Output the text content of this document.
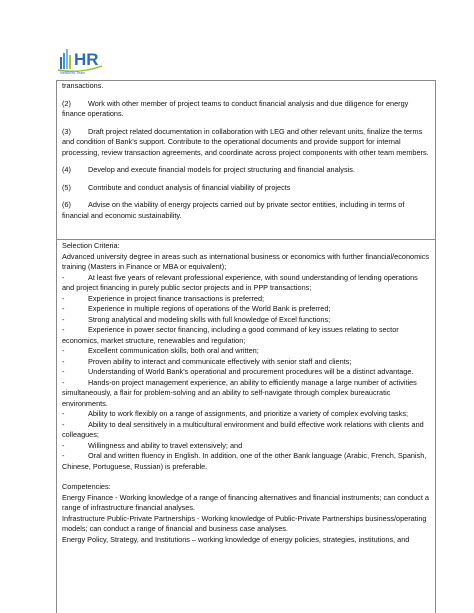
HR
Networks Team

transactions.

(2) Work with other member of project teams to conduct financial analysis and due diligence for energy finance operations.

(3) Draft project related documentation in collaboration with LEG and other relevant units, finalize the terms and condition of Bank’s support. Contribute to the operational documents and provide support for internal processing, review transaction agreements, and coordinate across project components with other team members.

(4) Develop and execute financial models for project structuring and financial analysis.

(5) Contribute and conduct analysis of financial viability of projects

(6) Advise on the viability of energy projects carried out by private sector entities, including in terms of financial and economic sustainability.

Selection Criteria:

Advanced university degree in areas such as international business or economics with further financial/economics training (Masters in Finance or MBA or equivalent);

-	At least five years of relevant professional experience, with sound understanding of lending operations and project financing in purely public sector projects and in PPP transactions;

-	Experience in project finance transactions is preferred;

-	Experience in multiple regions of operations of the World Bank is preferred;

-	Strong analytical and modeling skills with full knowledge of Excel functions;

-	Experience in power sector financing, including a good command of key issues relating to sector economics, market structure, renewables and regulation;

-	Excellent communication skills, both oral and written;

-	Proven ability to interact and communicate effectively with senior staff and clients;

-	Understanding of World Bank’s operational and procurement procedures will be a distinct advantage.

-	Hands-on project management experience, an ability to efficiently manage a large number of activities simultaneously, a flair for problem-solving and an ability to self-navigate through complex bureaucratic environments.

-	Ability to work flexibly on a range of assignments, and prioritize a variety of complex evolving tasks;

-	Ability to deal sensitively in a multicultural environment and build effective work relations with clients and colleagues;

-	Willingness and ability to travel extensively; and

-	Oral and written fluency in English. In addition, one of the other Bank language (Arabic, French, Spanish, Chinese, Portuguese, Russian) is preferable.

Competencies:

Energy Finance - Working knowledge of a range of financing alternatives and financial instruments; can conduct a range of infrastructure financial analyses.

Infrastructure Public-Private Partnerships - Working knowledge of Public-Private Partnerships business/operating models; can conduct a range of financial and business case analyses.

Energy Policy, Strategy, and Institutions – working knowledge of energy policies, strategies, institutions, and
